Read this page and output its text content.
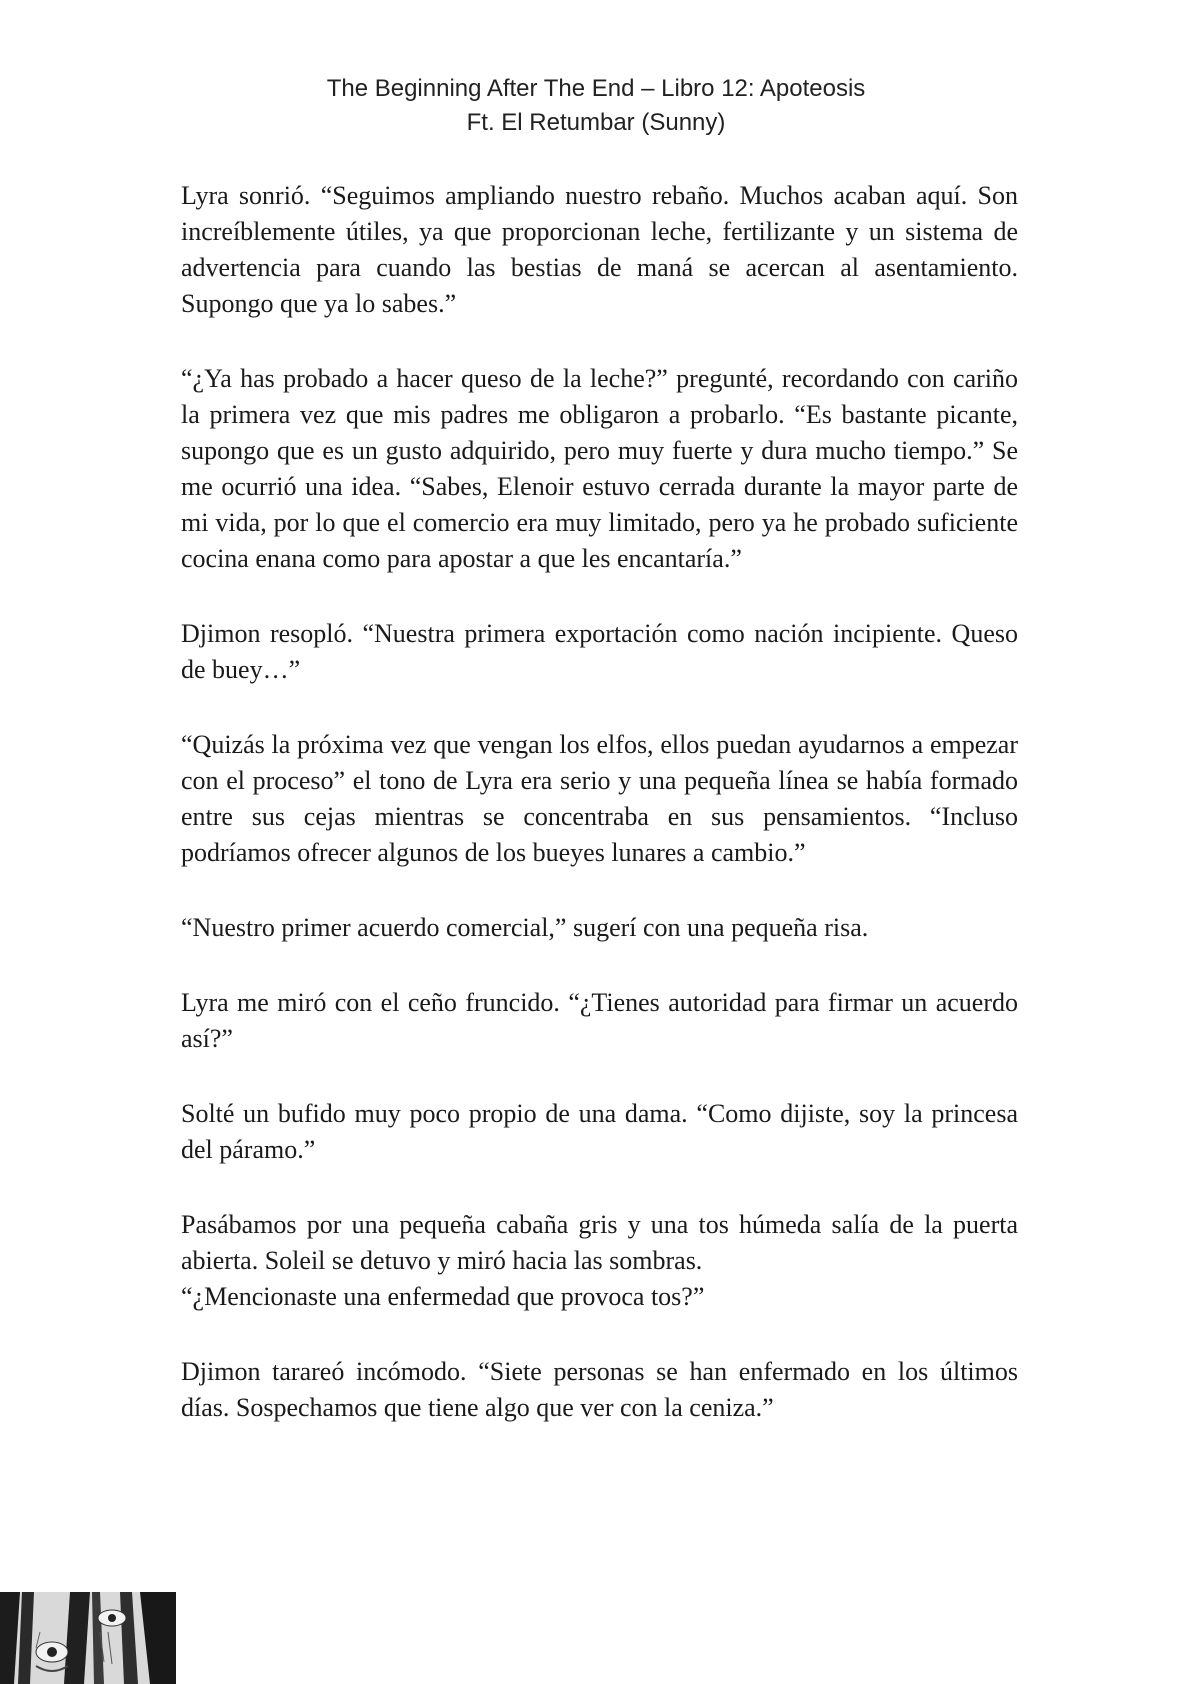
The Beginning After The End – Libro 12: Apoteosis
Ft. El Retumbar (Sunny)

Lyra sonrió. “Seguimos ampliando nuestro rebaño. Muchos acaban aquí. Son increíblemente útiles, ya que proporcionan leche, fertilizante y un sistema de advertencia para cuando las bestias de maná se acercan al asentamiento. Supongo que ya lo sabes.”

“¿Ya has probado a hacer queso de la leche?” pregunté, recordando con cariño la primera vez que mis padres me obligaron a probarlo. “Es bastante picante, supongo que es un gusto adquirido, pero muy fuerte y dura mucho tiempo.” Se me ocurrió una idea. “Sabes, Elenoir estuvo cerrada durante la mayor parte de mi vida, por lo que el comercio era muy limitado, pero ya he probado suficiente cocina enana como para apostar a que les encantaría.”

Djimon resopló. “Nuestra primera exportación como nación incipiente. Queso de buey…”

“Quizás la próxima vez que vengan los elfos, ellos puedan ayudarnos a empezar con el proceso” el tono de Lyra era serio y una pequeña línea se había formado entre sus cejas mientras se concentraba en sus pensamientos. “Incluso podríamos ofrecer algunos de los bueyes lunares a cambio.”

“Nuestro primer acuerdo comercial,” sugerí con una pequeña risa.

Lyra me miró con el ceño fruncido. “¿Tienes autoridad para firmar un acuerdo así?”

Solté un bufido muy poco propio de una dama. “Como dijiste, soy la princesa del páramo.”

Pasábamos por una pequeña cabaña gris y una tos húmeda salía de la puerta abierta. Soleil se detuvo y miró hacia las sombras.

“¿Mencionaste una enfermedad que provoca tos?”

Djimon tarareó incómodo. “Siete personas se han enfermado en los últimos días. Sospechamos que tiene algo que ver con la ceniza.”
